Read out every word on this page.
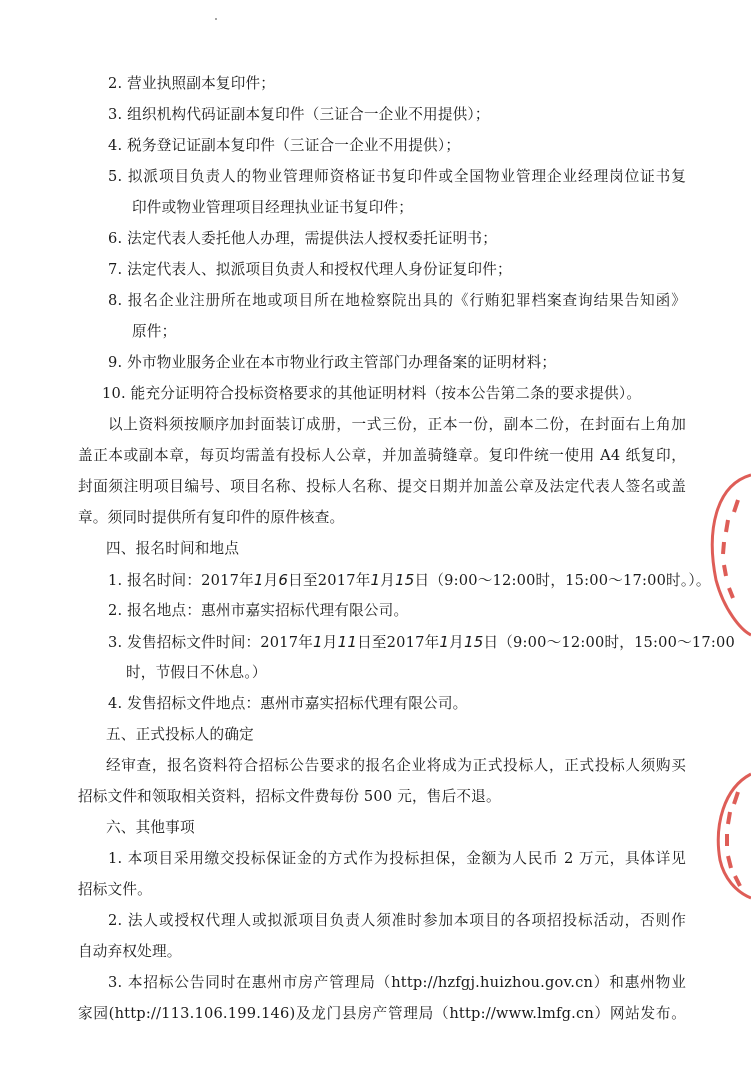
2. 营业执照副本复印件；
3. 组织机构代码证副本复印件（三证合一企业不用提供）；
4. 税务登记证副本复印件（三证合一企业不用提供）；
5. 拟派项目负责人的物业管理师资格证书复印件或全国物业管理企业经理岗位证书复
印件或物业管理项目经理执业证书复印件；
6. 法定代表人委托他人办理，需提供法人授权委托证明书；
7. 法定代表人、拟派项目负责人和授权代理人身份证复印件；
8. 报名企业注册所在地或项目所在地检察院出具的《行贿犯罪档案查询结果告知函》
原件；
9. 外市物业服务企业在本市物业行政主管部门办理备案的证明材料；
10. 能充分证明符合投标资格要求的其他证明材料（按本公告第二条的要求提供）。
以上资料须按顺序加封面装订成册，一式三份，正本一份，副本二份，在封面右上角加
盖正本或副本章，每页均需盖有投标人公章，并加盖骑缝章。复印件统一使用 A4 纸复印，
封面须注明项目编号、项目名称、投标人名称、提交日期并加盖公章及法定代表人签名或盖
章。须同时提供所有复印件的原件核查。
四、报名时间和地点
1. 报名时间：2017年1月6日至2017年1月15日（9:00～12:00时，15:00～17:00时。）。
2. 报名地点：惠州市嘉实招标代理有限公司。
3. 发售招标文件时间：2017年1月11日至2017年1月15日（9:00～12:00时，15:00～17:00
时，节假日不休息。）
4. 发售招标文件地点：惠州市嘉实招标代理有限公司。
五、正式投标人的确定
经审查，报名资料符合招标公告要求的报名企业将成为正式投标人，正式投标人须购买
招标文件和领取相关资料，招标文件费每份 500 元，售后不退。
六、其他事项
1. 本项目采用缴交投标保证金的方式作为投标担保，金额为人民币 2 万元，具体详见
招标文件。
2. 法人或授权代理人或拟派项目负责人须准时参加本项目的各项招投标活动，否则作
自动弃权处理。
3. 本招标公告同时在惠州市房产管理局（http://hzfgj.huizhou.gov.cn）和惠州物业
家园(http://113.106.199.146)及龙门县房产管理局（http://www.lmfg.cn）网站发布。
